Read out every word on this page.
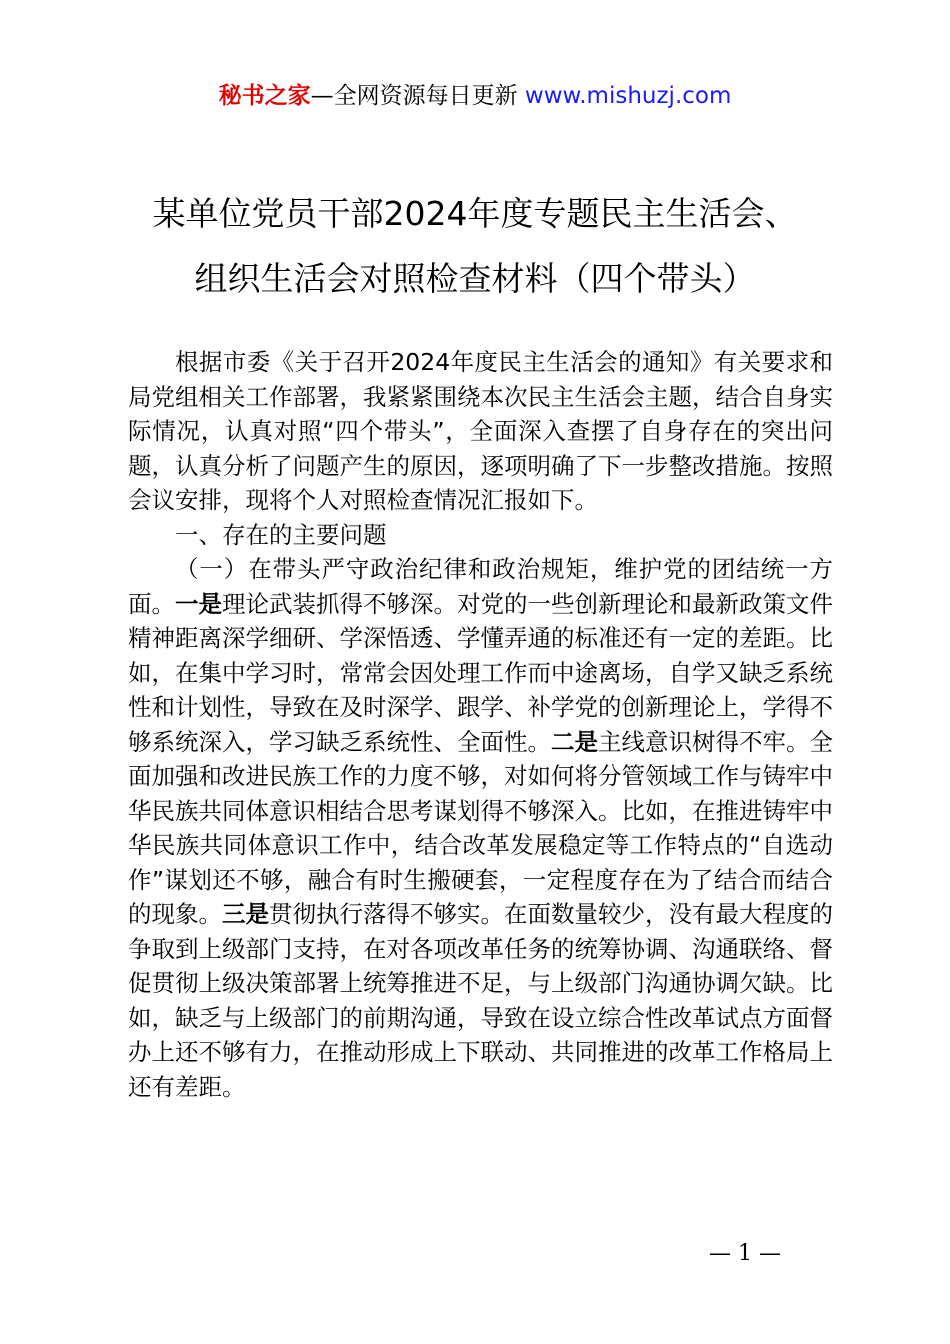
秘书之家—全网资源每日更新 www.mishuzj.com
某单位党员干部2024年度专题民主生活会、
组织生活会对照检查材料（四个带头）

根据市委《关于召开2024年度民主生活会的通知》有关要求和局党组相关工作部署，我紧紧围绕本次民主生活会主题，结合自身实际情况，认真对照“四个带头”，全面深入查摆了自身存在的突出问题，认真分析了问题产生的原因，逐项明确了下一步整改措施。按照会议安排，现将个人对照检查情况汇报如下。

一、存在的主要问题

（一）在带头严守政治纪律和政治规矩，维护党的团结统一方面。一是理论武装抓得不够深。对党的一些创新理论和最新政策文件精神距离深学细研、学深悟透、学懂弄通的标准还有一定的差距。比如，在集中学习时，常常会因处理工作而中途离场，自学又缺乏系统性和计划性，导致在及时深学、跟学、补学党的创新理论上，学得不够系统深入，学习缺乏系统性、全面性。二是主线意识树得不牢。全面加强和改进民族工作的力度不够，对如何将分管领域工作与铸牢中华民族共同体意识相结合思考谋划得不够深入。比如，在推进铸牢中华民族共同体意识工作中，结合改革发展稳定等工作特点的“自选动作”谋划还不够，融合有时生搬硬套，一定程度存在为了结合而结合的现象。三是贯彻执行落得不够实。在面数量较少，没有最大程度的争取到上级部门支持，在对各项改革任务的统筹协调、沟通联络、督促贯彻上级决策部署上统筹推进不足，与上级部门沟通协调欠缺。比如，缺乏与上级部门的前期沟通，导致在设立综合性改革试点方面督办上还不够有力，在推动形成上下联动、共同推进的改革工作格局上还有差距。

— 1 —
